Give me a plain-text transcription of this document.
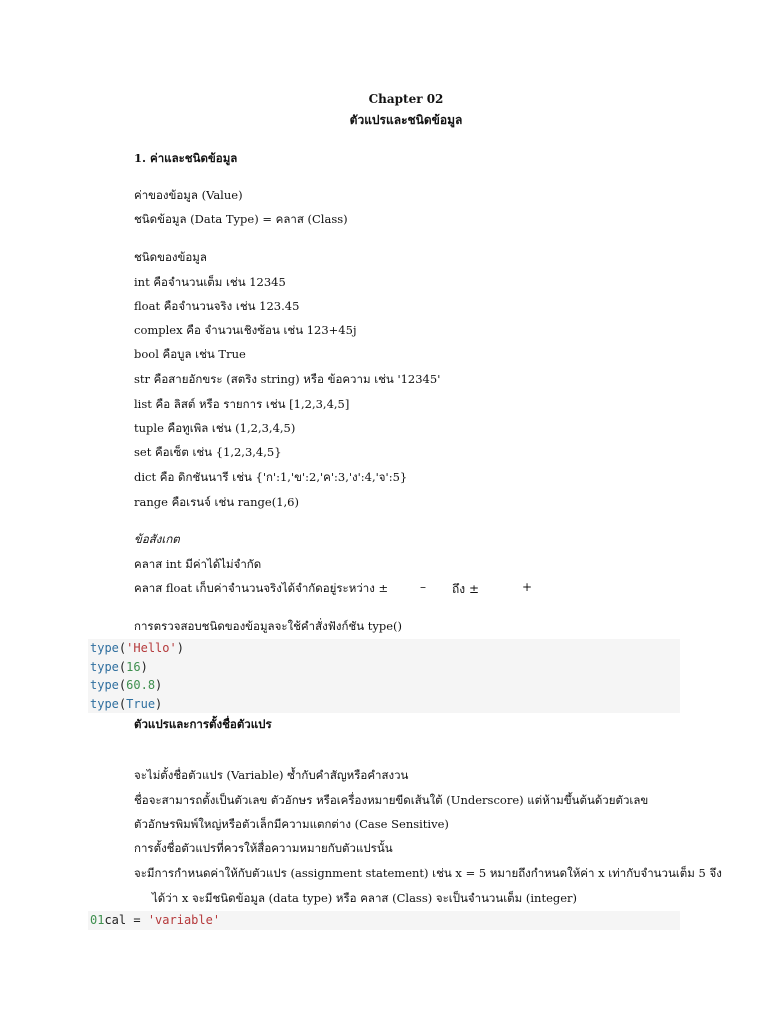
Chapter 02
ตัวแปรและชนิดข้อมูล
1. ค่าและชนิดข้อมูล
ค่าของข้อมูล (Value)
ชนิดข้อมูล (Data Type) = คลาส (Class)
ชนิดของข้อมูล
int คือจำนวนเต็ม เช่น 12345
float คือจำนวนจริง เช่น 123.45
complex คือ จำนวนเชิงซ้อน เช่น 123+45j
bool คือบูล เช่น True
str คือสายอักขระ (สตริง string) หรือ ข้อความ เช่น '12345'
list คือ ลิสต์ หรือ รายการ เช่น [1,2,3,4,5]
tuple คือทูเพิล เช่น (1,2,3,4,5)
set คือเซ็ต เช่น {1,2,3,4,5}
dict คือ ดิกชันนารี เช่น {'ก':1,'ข':2,'ค':3,'ง':4,'จ':5}
range คือเรนจ์ เช่น range(1,6)
ข้อสังเกต
คลาส int มีค่าได้ไม่จำกัด
คลาส float เก็บค่าจำนวนจริงได้จำกัดอยู่ระหว่าง ±	– ถึง ±	+
การตรวจสอบชนิดของข้อมูลจะใช้คำสั่งฟังก์ชัน type()
type('Hello')
type(16)
type(60.8)
type(True)
ตัวแปรและการตั้งชื่อตัวแปร
จะไม่ตั้งชื่อตัวแปร (Variable) ซ้ำกับคำสัญหรือคำสงวน
ชื่อจะสามารถตั้งเป็นตัวเลข ตัวอักษร หรือเครื่องหมายขีดเส้นใต้ (Underscore) แต่ห้ามขึ้นต้นด้วยตัวเลข
ตัวอักษรพิมพ์ใหญ่หรือตัวเล็กมีความแตกต่าง (Case Sensitive)
การตั้งชื่อตัวแปรที่ควรให้สื่อความหมายกับตัวแปรนั้น
จะมีการกำหนดค่าให้กับตัวแปร (assignment statement) เช่น x = 5 หมายถึงกำหนดให้ค่า x เท่ากับจำนวนเต็ม 5 จึง
ได้ว่า x จะมีชนิดข้อมูล (data type) หรือ คลาส (Class) จะเป็นจำนวนเต็ม (integer)
01cal = 'variable'
